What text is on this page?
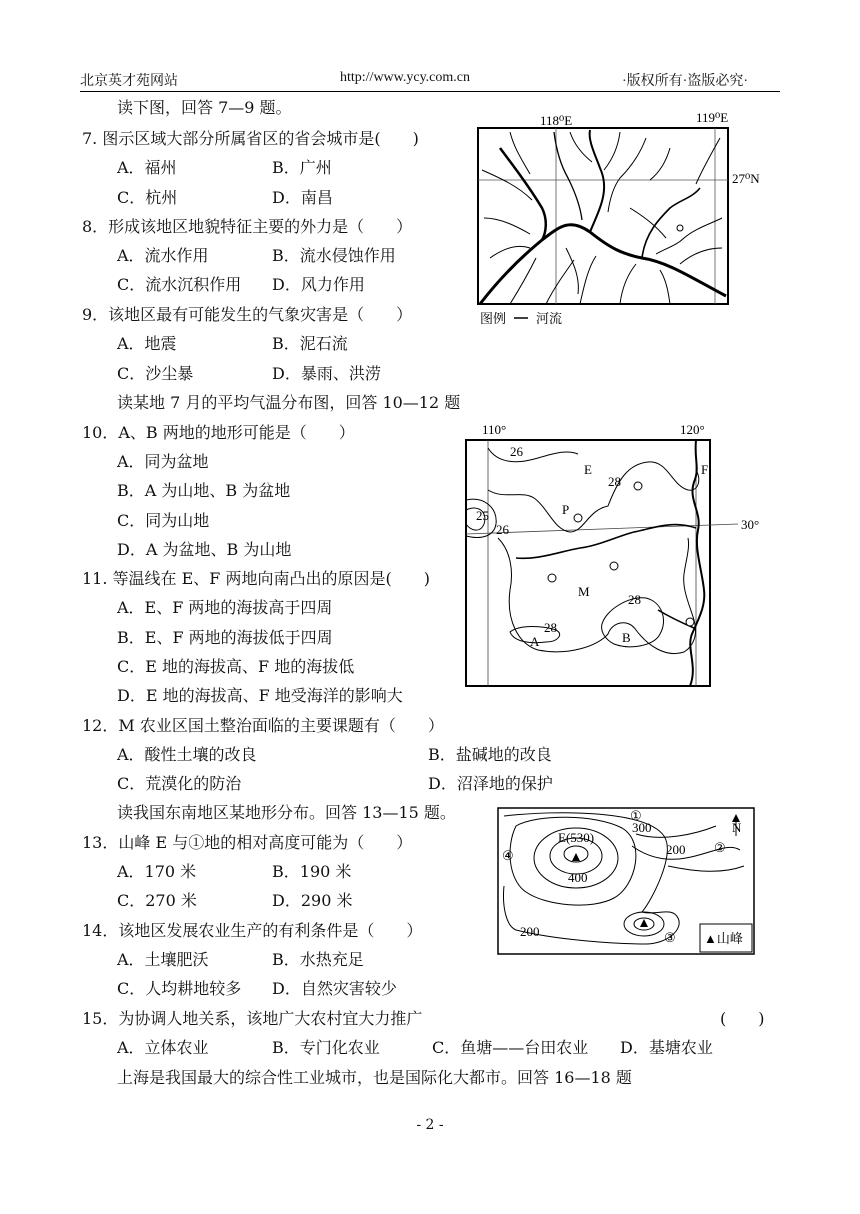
北京英才苑网站	http://www.ycy.com.cn	·版权所有·盗版必究·
读下图，回答 7—9 题。
7. 图示区域大部分所属省区的省会城市是(　　)
A．福州	B．广州
C．杭州	D．南昌
8．形成该地区地貌特征主要的外力是（　　）
A．流水作用	B．流水侵蚀作用
C．流水沉积作用 D．风力作用
9．该地区最有可能发生的气象灾害是（　　）
A．地震	B．泥石流
C．沙尘暴	D．暴雨、洪涝
118⁰E	119⁰E
27⁰N
图例 河流
读某地 7 月的平均气温分布图，回答 10—12 题
10．A、B 两地的地形可能是（　　）
A．同为盆地
B．A 为山地、B 为盆地
C．同为山地
D．A 为盆地、B 为山地
11. 等温线在 E、F 两地向南凸出的原因是(　　)
A．E、F 两地的海拔高于四周
B．E、F 两地的海拔低于四周
C．E 地的海拔高、F 地的海拔低
D．E 地的海拔高、F 地受海洋的影响大
110°	120°
30°
26
28
25
26
28
28
E	F
P
M
A	B
12．M 农业区国土整治面临的主要课题有（　　）
A．酸性土壤的改良	B．盐碱地的改良
C．荒漠化的防治	D．沼泽地的保护
读我国东南地区某地形分布。回答 13—15 题。
13．山峰 E 与①地的相对高度可能为（　　）
A．170 米	B．190 米
C．270 米	D．290 米
14．该地区发展农业生产的有利条件是（　　）
A．土壤肥沃	B．水热充足
C．人均耕地较多 D．自然灾害较少
E(530)
400
300
200
200
①
②
③
④
N
▲山峰
15．为协调人地关系，该地广大农村宜大力推广	(　　)
A．立体农业	B．专门化农业	C．鱼塘——台田农业 D．基塘农业
上海是我国最大的综合性工业城市，也是国际化大都市。回答 16—18 题
- 2 -
